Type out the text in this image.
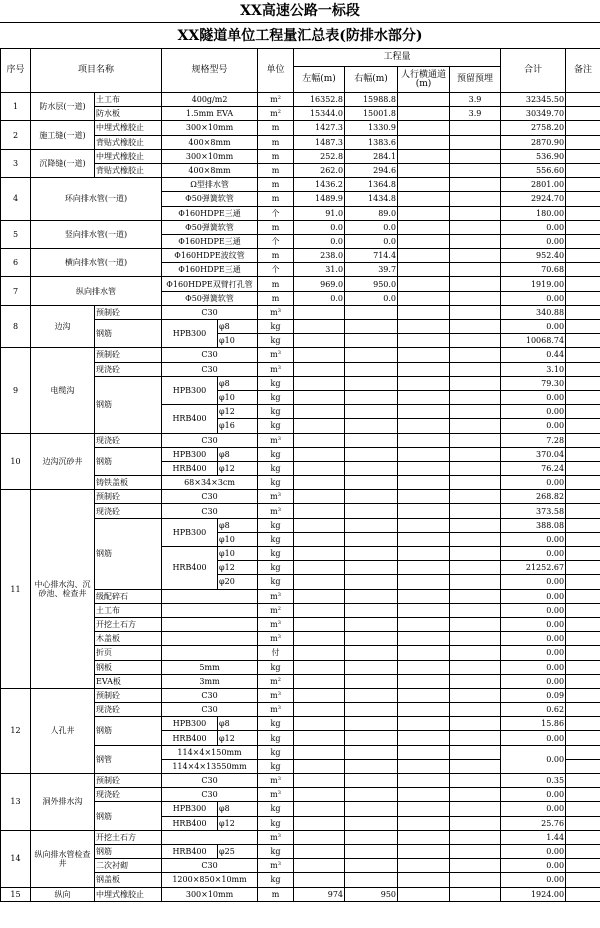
XX高速公路一标段
XX隧道单位工程量汇总表(防排水部分)
序号	项目名称		规格型号		单位	工程量				合计	备注
						左幅(m)	右幅(m)	人行横通道(m)	预留预埋		
1	防水层(一道)	土工布	400g/m2		$m^2$	16352.8	15988.8		3.9	32345.50	
		防水板	1.5mm EVA		$m^2$	15344.0	15001.8		3.9	30349.70	
2	施工缝(一道)	中埋式橡胶止	300×10mm		m	1427.3	1330.9			2758.20	
		背贴式橡胶止	400×8mm		m	1487.3	1383.6			2870.90	
3	沉降缝(一道)	中埋式橡胶止	300×10mm		m	252.8	284.1			536.90	
		背贴式橡胶止	400×8mm		m	262.0	294.6			556.60	
4	环向排水管(一道)		Ω型排水管		m	1436.2	1364.8			2801.00	
			Φ50弹簧软管		m	1489.9	1434.8			2924.70	
			Φ160HDPE三通		个	91.0	89.0			180.00	
5	竖向排水管(一道)		Φ50弹簧软管		m	0.0	0.0			0.00	
			Φ160HDPE三通		个	0.0	0.0			0.00	
6	横向排水管(一道)		Φ160HDPE波纹管		m	238.0	714.4			952.40	
			Φ160HDPE三通		个	31.0	39.7			70.68	
7	纵向排水管		Φ160HDPE双臂打孔管		m	969.0	950.0			1919.00	
			Φ50弹簧软管		m	0.0	0.0			0.00	
8	边沟	预制砼	C30		$m^3$					340.88	
		钢筋	HPB300	φ8	kg					0.00	
				φ10	kg					10068.74	
9	电缆沟	预制砼	C30		$m^3$					0.44	
		现浇砼	C30		$m^3$					3.10	
		钢筋	HPB300	φ8	kg					79.30	
				φ10	kg					0.00	
			HRB400	φ12	kg					0.00	
				φ16	kg					0.00	
10	边沟沉砂井	现浇砼	C30		$m^3$					7.28	
		钢筋	HPB300	φ8	kg					370.04	
			HRB400	φ12	kg					76.24	
		铸铁盖板	68×34×3cm		kg					0.00	
11	中心排水沟、沉砂池、检查井	预制砼	C30		$m^3$					268.82	
		现浇砼	C30		$m^3$					373.58	
		钢筋	HPB300	φ8	kg					388.08	
				φ10	kg					0.00	
			HRB400	φ10	kg					0.00	
				φ12	kg					21252.67	
				φ20	kg					0.00	
		级配碎石			$m^3$					0.00	
		土工布			$m^2$					0.00	
		开挖土石方			$m^3$					0.00	
		木盖板			$m^3$					0.00	
		折页			付					0.00	
		钢板	5mm		kg					0.00	
		EVA板	3mm		$m^2$					0.00	
12	人孔井	预制砼	C30		$m^3$					0.09	
		现浇砼	C30		$m^3$					0.62	
		钢筋	HPB300	φ8	kg					15.86	
			HRB400	φ12	kg					0.00	
		钢管	114×4×150mm		kg					0.00	
			114×4×13550mm		kg						
13	洞外排水沟	预制砼	C30		$m^3$					0.35	
		现浇砼	C30		$m^3$					0.00	
		钢筋	HPB300	φ8	kg					0.00	
			HRB400	φ12	kg					25.76	
14	纵向排水管检查井	开挖土石方			$m^3$					1.44	
		钢筋	HRB400	φ25	kg					0.00	
		二次衬砌	C30		$m^3$					0.00	
		钢盖板	1200×850×10mm		kg					0.00	
15	纵向	中埋式橡胶止	300×10mm		m	974	950			1924.00	
